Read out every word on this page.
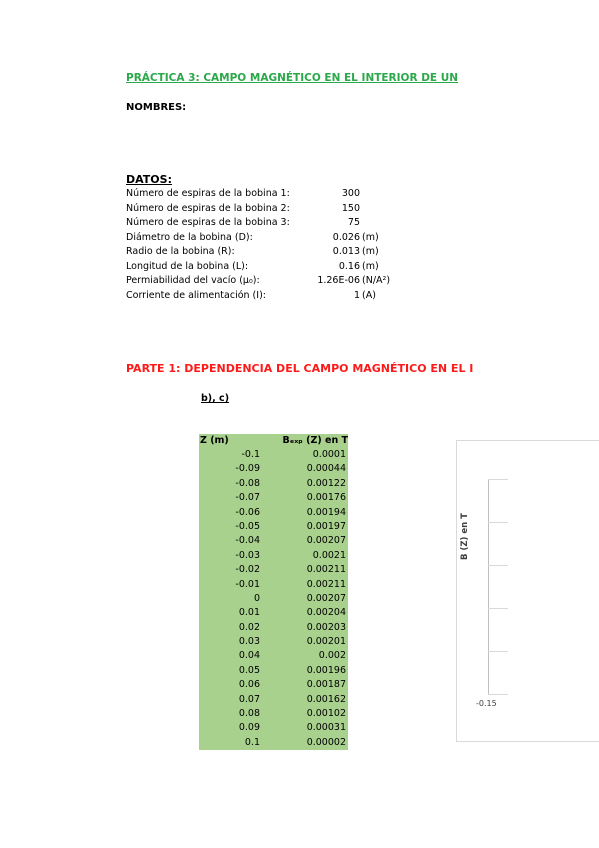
PRÁCTICA 3: CAMPO MAGNÉTICO EN EL INTERIOR DE UN
NOMBRES:
DATOS:
Número de espiras de la bobina 1:	300
Número de espiras de la bobina 2:	150
Número de espiras de la bobina 3:	75
Diámetro de la bobina (D):	0.026 (m)
Radio de la bobina (R):	0.013 (m)
Longitud de la bobina (L):	0.16 (m)
Permiabilidad del vacío (μ₀):	1.26E-06 (N/A²)
Corriente de alimentación (I):	1 (A)
PARTE 1: DEPENDENCIA DEL CAMPO MAGNÉTICO EN EL I
b), c)
Z (m)	Bₑₓₚ (Z) en T
-0.1	0.0001
-0.09	0.00044
-0.08	0.00122
-0.07	0.00176
-0.06	0.00194
-0.05	0.00197
-0.04	0.00207
-0.03	0.0021
-0.02	0.00211
-0.01	0.00211
0	0.00207
0.01	0.00204
0.02	0.00203
0.03	0.00201
0.04	0.002
0.05	0.00196
0.06	0.00187
0.07	0.00162
0.08	0.00102
0.09	0.00031
0.1	0.00002
B (Z) en T
-0.15
